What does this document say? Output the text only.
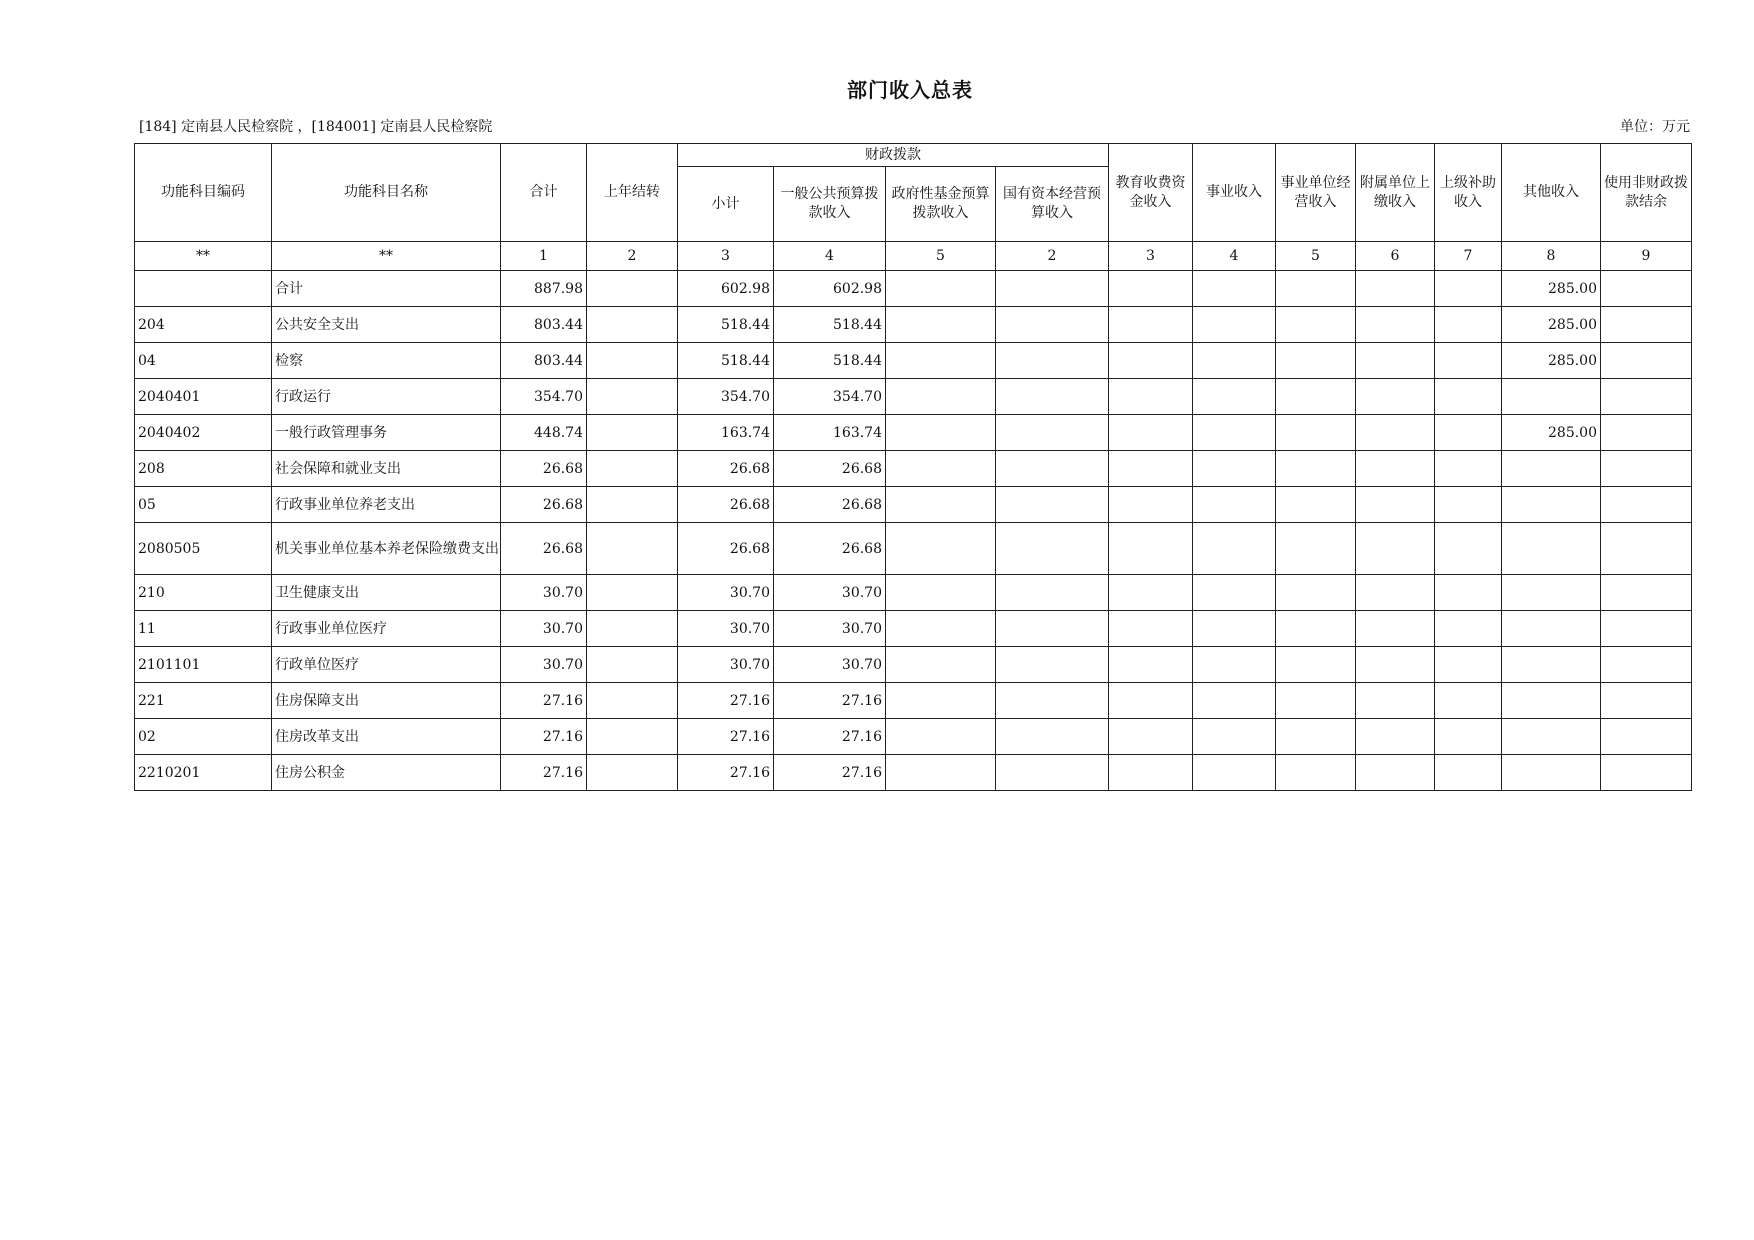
部门收入总表
[184] 定南县人民检察院 ，[184001] 定南县人民检察院	单位：万元
功能科目编码	功能科目名称	合计	上年结转	财政拨款				教育收费资金收入	事业收入	事业单位经营收入	附属单位上缴收入	上级补助收入	其他收入	使用非财政拨款结余
				小计	一般公共预算拨款收入	政府性基金预算拨款收入	国有资本经营预算收入							
**	**	1	2	3	4	5	2	3	4	5	6	7	8	9
	合计	887.98		602.98	602.98								285.00	
204	公共安全支出	803.44		518.44	518.44								285.00	
04	检察	803.44		518.44	518.44								285.00	
2040401	行政运行	354.70		354.70	354.70									
2040402	一般行政管理事务	448.74		163.74	163.74								285.00	
208	社会保障和就业支出	26.68		26.68	26.68									
05	行政事业单位养老支出	26.68		26.68	26.68									
2080505	机关事业单位基本养老保险缴费支出	26.68		26.68	26.68									
210	卫生健康支出	30.70		30.70	30.70									
11	行政事业单位医疗	30.70		30.70	30.70									
2101101	行政单位医疗	30.70		30.70	30.70									
221	住房保障支出	27.16		27.16	27.16									
02	住房改革支出	27.16		27.16	27.16									
2210201	住房公积金	27.16		27.16	27.16									
